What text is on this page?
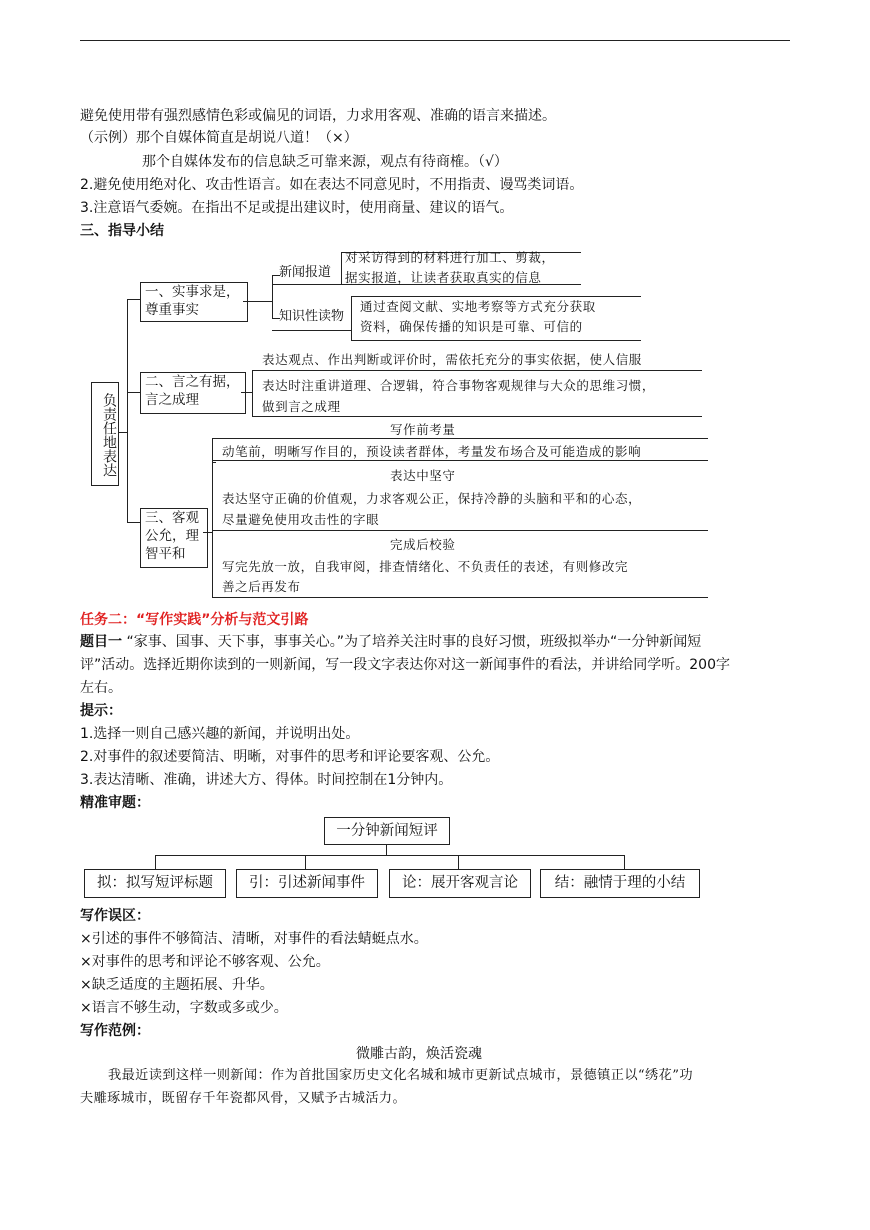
避免使用带有强烈感情色彩或偏见的词语，力求用客观、准确的语言来描述。
（示例）那个自媒体简直是胡说八道！（×）
那个自媒体发布的信息缺乏可靠来源，观点有待商榷。（√）
2.避免使用绝对化、攻击性语言。如在表达不同意见时，不用指责、谩骂类词语。
3.注意语气委婉。在指出不足或提出建议时，使用商量、建议的语气。
三、指导小结
负责任地表达
一、实事求是，尊重事实
新闻报道
知识性读物
对采访得到的材料进行加工、剪裁，
据实报道，让读者获取真实的信息
通过查阅文献、实地考察等方式充分获取
资料，确保传播的知识是可靠、可信的
二、言之有据，言之成理
表达观点、作出判断或评价时，需依托充分的事实依据，使人信服
表达时注重讲道理、合逻辑，符合事物客观规律与大众的思维习惯，
做到言之成理
三、客观公允，理智平和
写作前考量
动笔前，明晰写作目的，预设读者群体，考量发布场合及可能造成的影响
表达中坚守
表达坚守正确的价值观，力求客观公正，保持冷静的头脑和平和的心态，
尽量避免使用攻击性的字眼
完成后校验
写完先放一放，自我审阅，排查情绪化、不负责任的表述，有则修改完
善之后再发布
任务二：“写作实践”分析与范文引路
题目一 “家事、国事、天下事，事事关心。”为了培养关注时事的良好习惯，班级拟举办“一分钟新闻短
评”活动。选择近期你读到的一则新闻，写一段文字表达你对这一新闻事件的看法，并讲给同学听。200字
左右。
提示：
1.选择一则自己感兴趣的新闻，并说明出处。
2.对事件的叙述要简洁、明晰，对事件的思考和评论要客观、公允。
3.表达清晰、准确，讲述大方、得体。时间控制在1分钟内。
精准审题：
一分钟新闻短评
拟：拟写短评标题	引：引述新闻事件	论：展开客观言论	结：融情于理的小结
写作误区：
×引述的事件不够简洁、清晰，对事件的看法蜻蜓点水。
×对事件的思考和评论不够客观、公允。
×缺乏适度的主题拓展、升华。
×语言不够生动，字数或多或少。
写作范例：
微雕古韵，焕活瓷魂
我最近读到这样一则新闻：作为首批国家历史文化名城和城市更新试点城市，景德镇正以“绣花”功
夫雕琢城市，既留存千年瓷都风骨，又赋予古城活力。
